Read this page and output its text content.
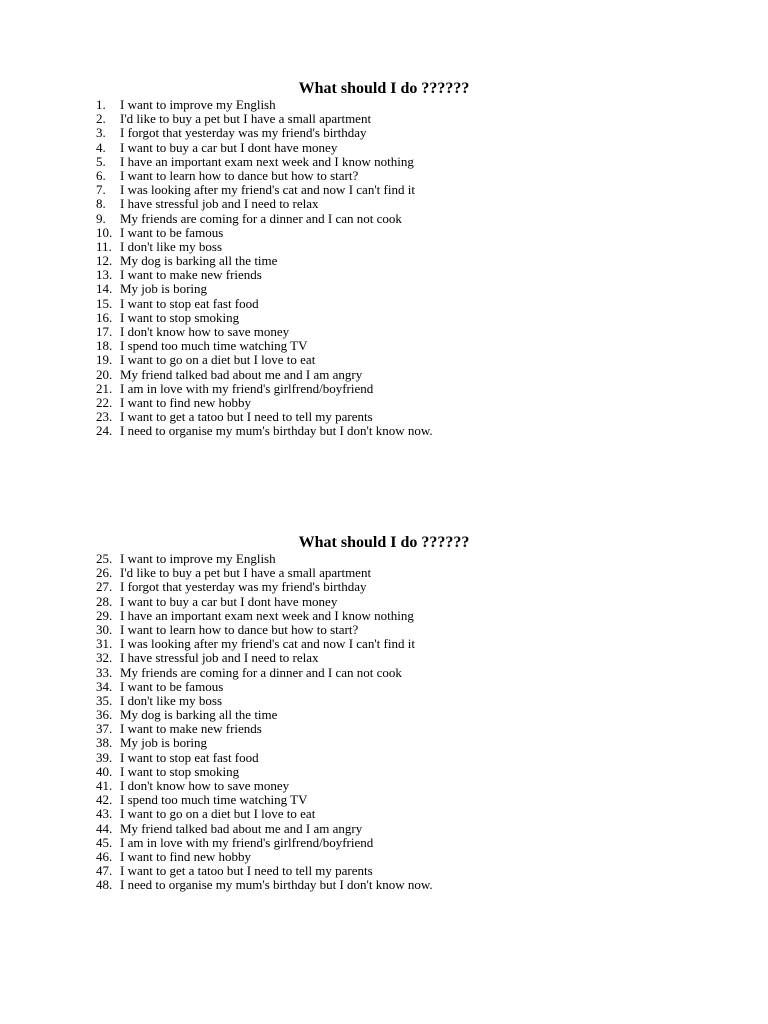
What should I do ??????
1. I want to improve my English
2. I'd like to buy a pet but I have a small apartment
3. I forgot that yesterday was my friend's birthday
4. I want to buy a car but I dont have money
5. I have an important exam next week and I know nothing
6. I want to learn how to dance but how to start?
7. I was looking after my friend's cat and now I can't find it
8. I have stressful job and I need to relax
9. My friends are coming for a dinner and I can not cook
10. I want to be famous
11. I don't like my boss
12. My dog is barking all the time
13. I want to make new friends
14. My job is boring
15. I want to stop eat fast food
16. I want to stop smoking
17. I don't know how to save money
18. I spend too much time watching TV
19. I want to go on a diet but I love to eat
20. My friend talked bad about me and I am angry
21. I am in love with my friend's girlfrend/boyfriend
22. I want to find new hobby
23. I want to get a tatoo but I need to tell my parents
24. I need to organise my mum's birthday but I don't know now.
What should I do ??????
25. I want to improve my English
26. I'd like to buy a pet but I have a small apartment
27. I forgot that yesterday was my friend's birthday
28. I want to buy a car but I dont have money
29. I have an important exam next week and I know nothing
30. I want to learn how to dance but how to start?
31. I was looking after my friend's cat and now I can't find it
32. I have stressful job and I need to relax
33. My friends are coming for a dinner and I can not cook
34. I want to be famous
35. I don't like my boss
36. My dog is barking all the time
37. I want to make new friends
38. My job is boring
39. I want to stop eat fast food
40. I want to stop smoking
41. I don't know how to save money
42. I spend too much time watching TV
43. I want to go on a diet but I love to eat
44. My friend talked bad about me and I am angry
45. I am in love with my friend's girlfrend/boyfriend
46. I want to find new hobby
47. I want to get a tatoo but I need to tell my parents
48. I need to organise my mum's birthday but I don't know now.
